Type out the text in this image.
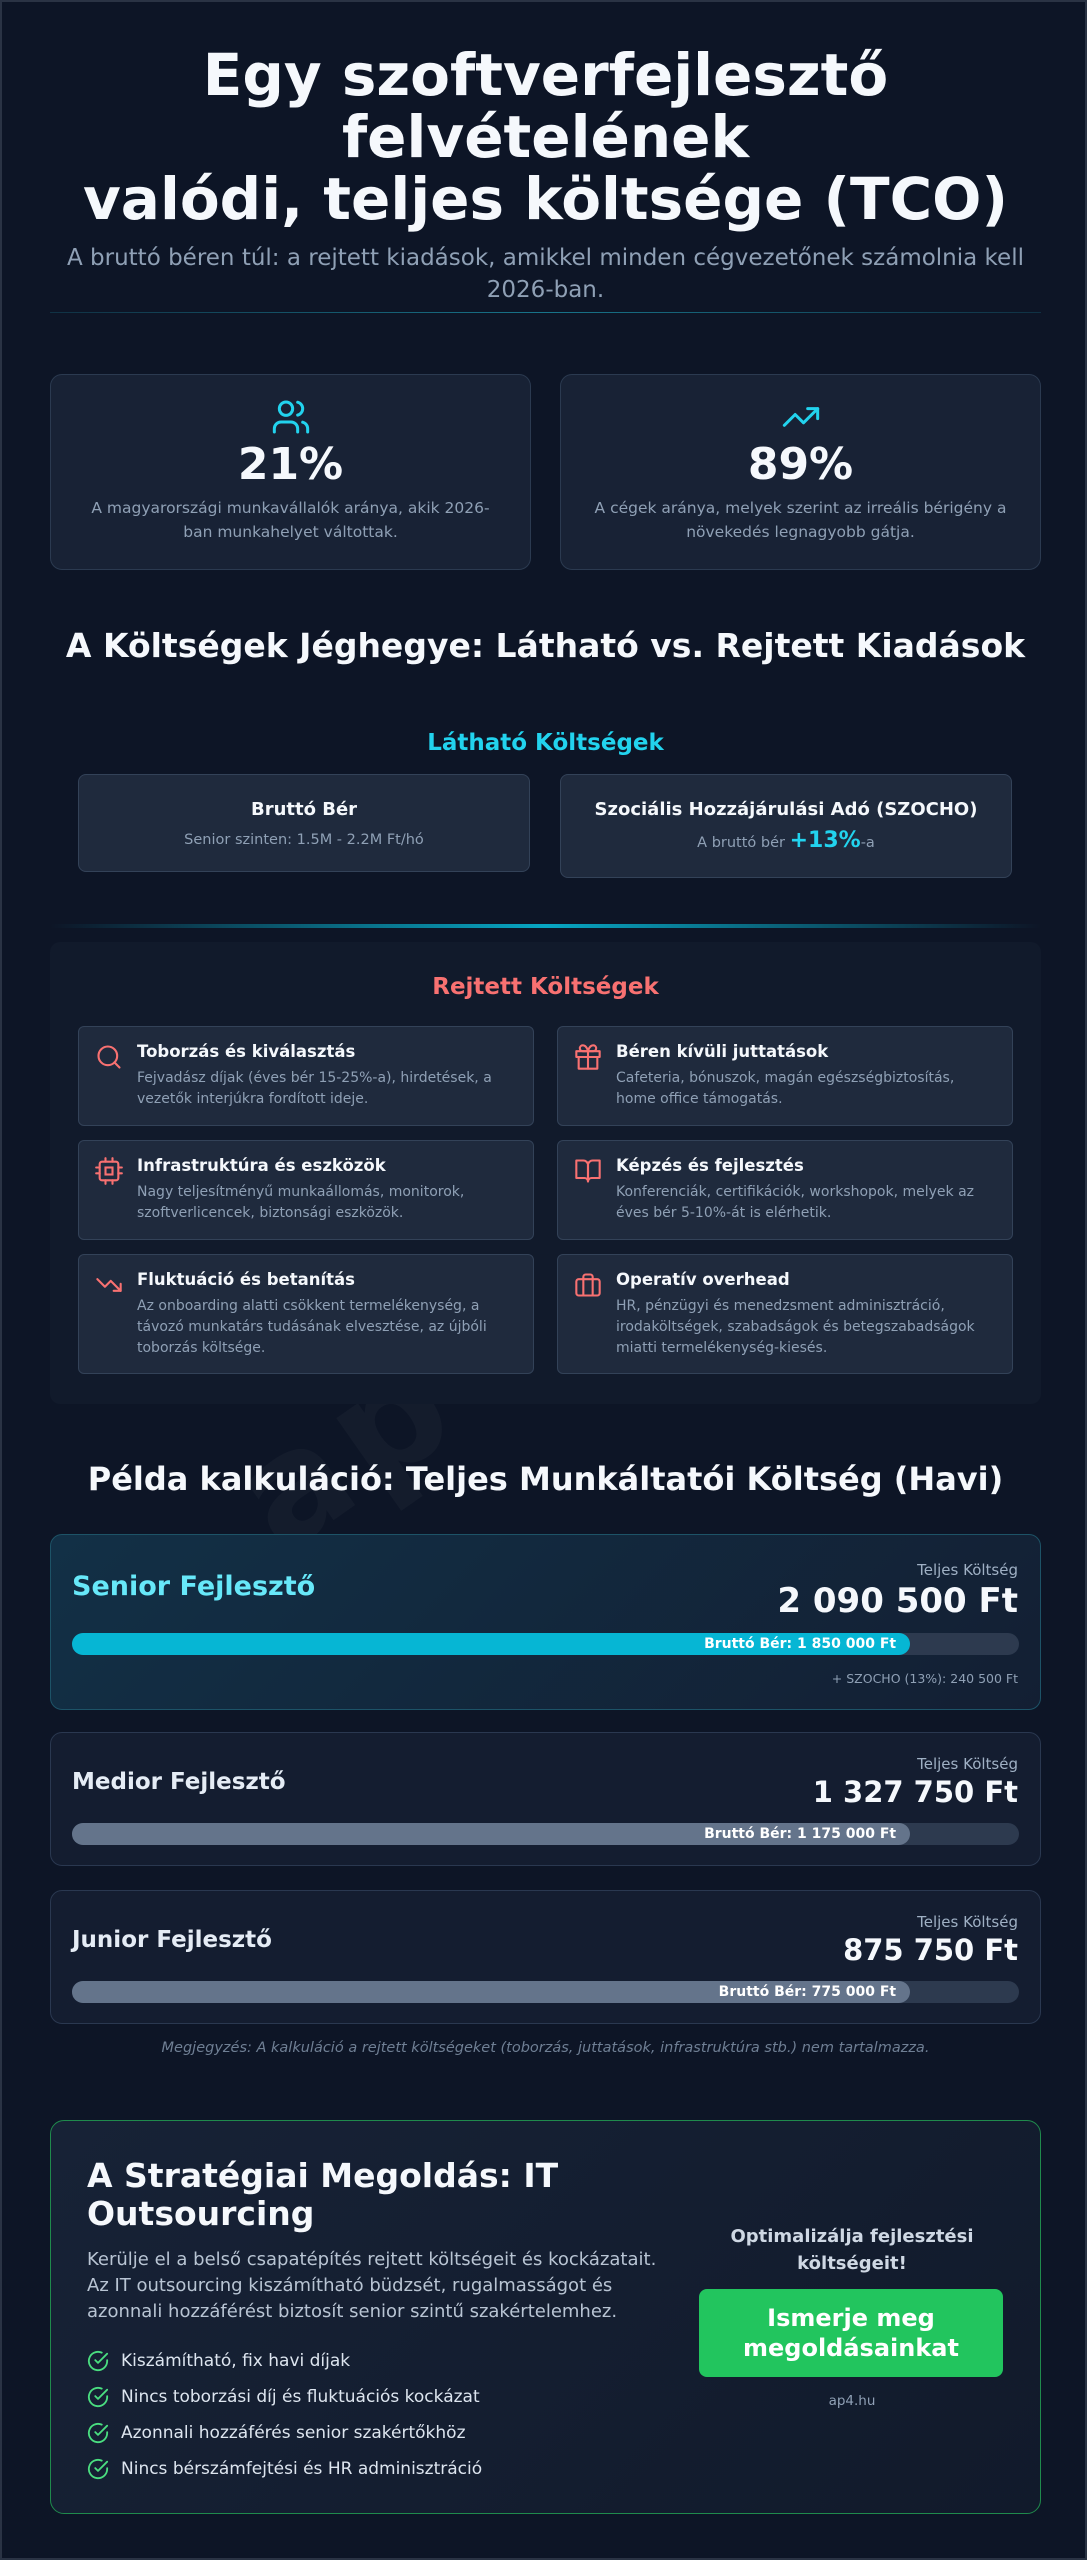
Egy szoftverfejlesztő
felvételének
valódi, teljes költsége (TCO)

A bruttó béren túl: a rejtett kiadások, amikkel minden cégvezetőnek számolnia kell 2026-ban.

21%
A magyarországi munkavállalók aránya, akik 2026-ban munkahelyet váltottak.
89%
A cégek aránya, melyek szerint az irreális bérigény a növekedés legnagyobb gátja.
A Költségek Jéghegye: Látható vs. Rejtett Kiadások
Látható Költségek
Bruttó Bér
Senior szinten: 1.5M - 2.2M Ft/hó
Szociális Hozzájárulási Adó (SZOCHO)
A bruttó bér +13%-a
Rejtett Költségek
Toborzás és kiválasztás
Fejvadász díjak (éves bér 15-25%-a), hirdetések, a vezetők interjúkra fordított ideje.
Béren kívüli juttatások
Cafeteria, bónuszok, magán egészségbiztosítás, home office támogatás.
Infrastruktúra és eszközök
Nagy teljesítményű munkaállomás, monitorok, szoftverlicencek, biztonsági eszközök.
Képzés és fejlesztés
Konferenciák, certifikációk, workshopok, melyek az éves bér 5-10%-át is elérhetik.
Fluktuáció és betanítás
Az onboarding alatti csökkent termelékenység, a távozó munkatárs tudásának elvesztése, az újbóli toborzás költsége.
Operatív overhead
HR, pénzügyi és menedzsment adminisztráció, irodaköltségek, szabadságok és betegszabadságok miatti termelékenység-kiesés.
Példa kalkuláció: Teljes Munkáltatói Költség (Havi)
Senior Fejlesztő
Teljes Költség
2 090 500 Ft
Bruttó Bér: 1 850 000 Ft
+ SZOCHO (13%): 240 500 Ft
Medior Fejlesztő
Teljes Költség
1 327 750 Ft
Bruttó Bér: 1 175 000 Ft
Junior Fejlesztő
Teljes Költség
875 750 Ft
Bruttó Bér: 775 000 Ft
Megjegyzés: A kalkuláció a rejtett költségeket (toborzás, juttatások, infrastruktúra stb.) nem tartalmazza.
A Stratégiai Megoldás: IT Outsourcing
Kerülje el a belső csapatépítés rejtett költségeit és kockázatait. Az IT outsourcing kiszámítható büdzsét, rugalmasságot és azonnali hozzáférést biztosít senior szintű szakértelemhez.
Kiszámítható, fix havi díjak
Nincs toborzási díj és fluktuációs kockázat
Azonnali hozzáférés senior szakértőkhöz
Nincs bérszámfejtési és HR adminisztráció
Optimalizálja fejlesztési költségeit!
Ismerje meg megoldásainkat
ap4.hu
